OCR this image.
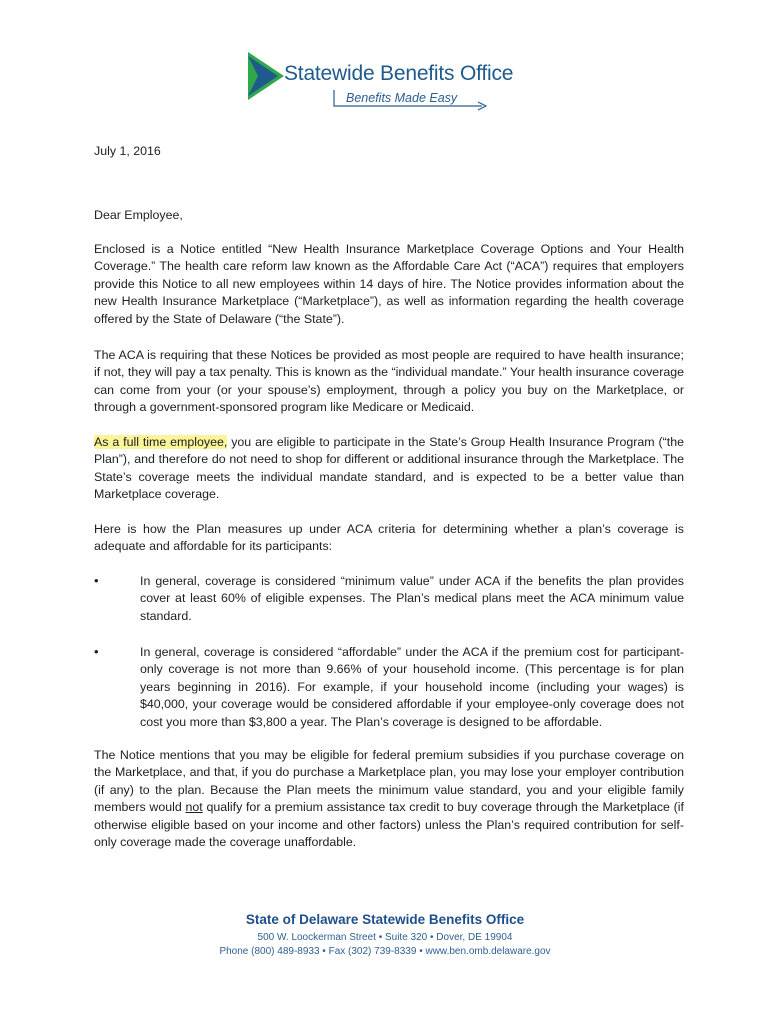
Statewide Benefits Office
Benefits Made Easy

July 1, 2016

Dear Employee,

Enclosed is a Notice entitled “New Health Insurance Marketplace Coverage Options and Your Health Coverage.” The health care reform law known as the Affordable Care Act (“ACA”) requires that employers provide this Notice to all new employees within 14 days of hire. The Notice provides information about the new Health Insurance Marketplace (“Marketplace”), as well as information regarding the health coverage offered by the State of Delaware (“the State”).

The ACA is requiring that these Notices be provided as most people are required to have health insurance; if not, they will pay a tax penalty. This is known as the “individual mandate.” Your health insurance coverage can come from your (or your spouse’s) employment, through a policy you buy on the Marketplace, or through a government-sponsored program like Medicare or Medicaid.

As a full time employee, you are eligible to participate in the State’s Group Health Insurance Program (“the Plan”), and therefore do not need to shop for different or additional insurance through the Marketplace. The State’s coverage meets the individual mandate standard, and is expected to be a better value than Marketplace coverage.

Here is how the Plan measures up under ACA criteria for determining whether a plan’s coverage is adequate and affordable for its participants:

•	In general, coverage is considered “minimum value” under ACA if the benefits the plan provides cover at least 60% of eligible expenses. The Plan’s medical plans meet the ACA minimum value standard.

•	In general, coverage is considered “affordable” under the ACA if the premium cost for participant-only coverage is not more than 9.66% of your household income. (This percentage is for plan years beginning in 2016). For example, if your household income (including your wages) is $40,000, your coverage would be considered affordable if your employee-only coverage does not cost you more than $3,800 a year. The Plan’s coverage is designed to be affordable.

The Notice mentions that you may be eligible for federal premium subsidies if you purchase coverage on the Marketplace, and that, if you do purchase a Marketplace plan, you may lose your employer contribution (if any) to the plan. Because the Plan meets the minimum value standard, you and your eligible family members would not qualify for a premium assistance tax credit to buy coverage through the Marketplace (if otherwise eligible based on your income and other factors) unless the Plan’s required contribution for self-only coverage made the coverage unaffordable.

State of Delaware Statewide Benefits Office
500 W. Loockerman Street • Suite 320 • Dover, DE 19904
Phone (800) 489-8933 • Fax (302) 739-8339 • www.ben.omb.delaware.gov
